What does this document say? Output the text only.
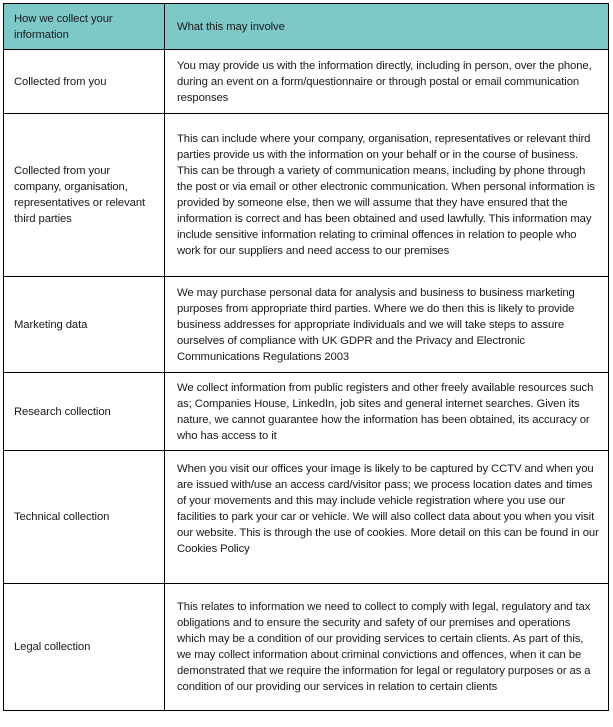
How we collect your information	What this may involve
Collected from you	You may provide us with the information directly, including in person, over the phone, during an event on a form/questionnaire or through postal or email communication responses
Collected from your company, organisation, representatives or relevant third parties	This can include where your company, organisation, representatives or relevant third parties provide us with the information on your behalf or in the course of business. This can be through a variety of communication means, including by phone through the post or via email or other electronic communication. When personal information is provided by someone else, then we will assume that they have ensured that the information is correct and has been obtained and used lawfully. This information may include sensitive information relating to criminal offences in relation to people who work for our suppliers and need access to our premises
Marketing data	We may purchase personal data for analysis and business to business marketing purposes from appropriate third parties. Where we do then this is likely to provide business addresses for appropriate individuals and we will take steps to assure ourselves of compliance with UK GDPR and the Privacy and Electronic Communications Regulations 2003
Research collection	We collect information from public registers and other freely available resources such as; Companies House, LinkedIn, job sites and general internet searches. Given its nature, we cannot guarantee how the information has been obtained, its accuracy or who has access to it
Technical collection	When you visit our offices your image is likely to be captured by CCTV and when you are issued with/use an access card/visitor pass; we process location dates and times of your movements and this may include vehicle registration where you use our facilities to park your car or vehicle. We will also collect data about you when you visit our website. This is through the use of cookies. More detail on this can be found in our Cookies Policy
Legal collection	This relates to information we need to collect to comply with legal, regulatory and tax obligations and to ensure the security and safety of our premises and operations which may be a condition of our providing services to certain clients. As part of this, we may collect information about criminal convictions and offences, when it can be demonstrated that we require the information for legal or regulatory purposes or as a condition of our providing our services in relation to certain clients
